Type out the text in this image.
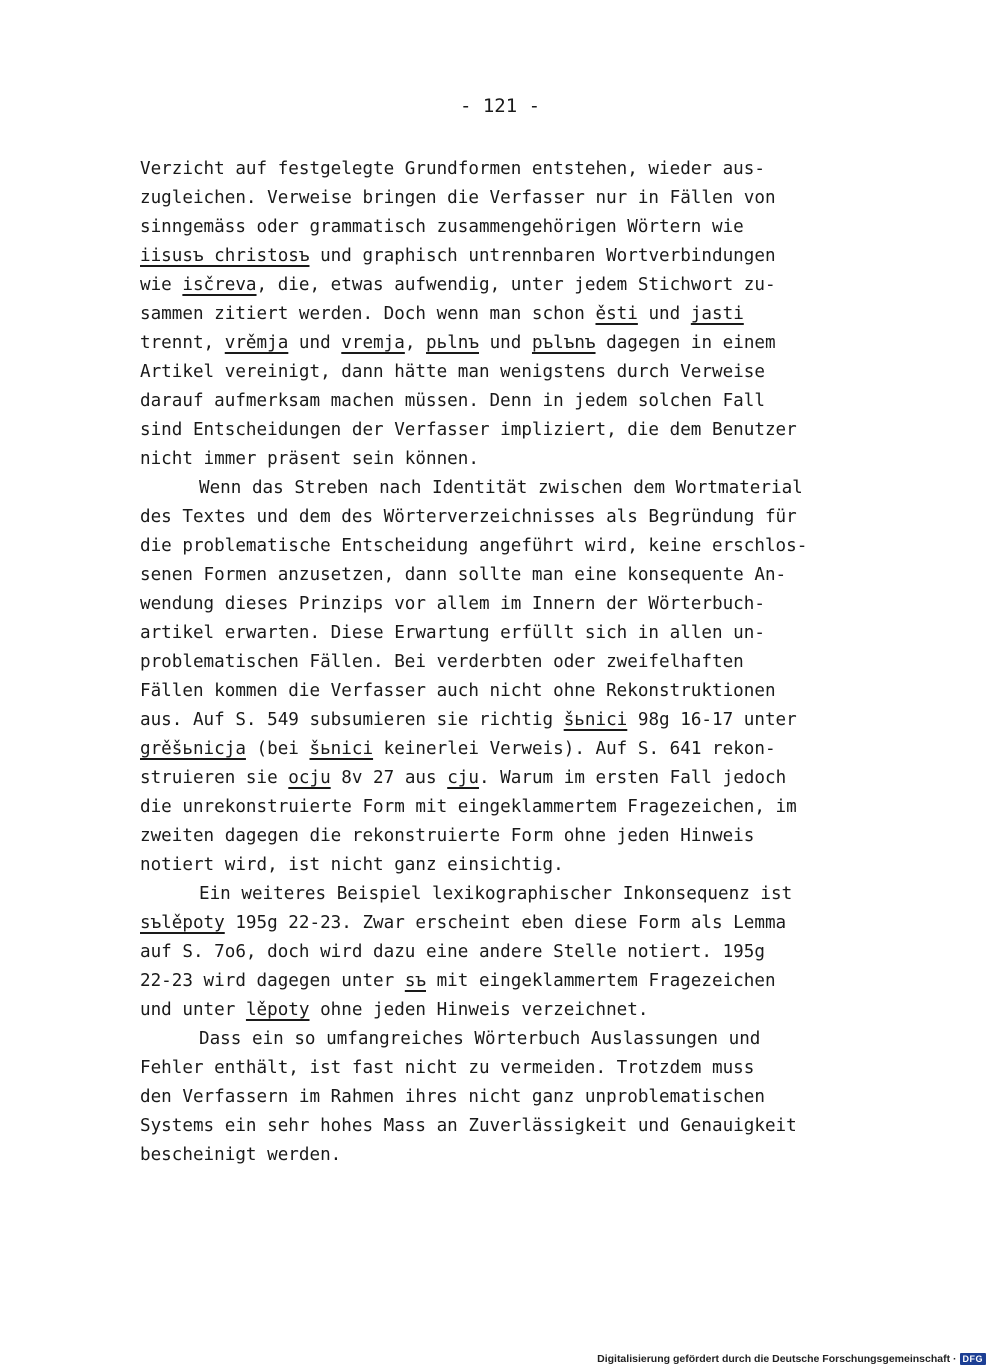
- 121 -
Verzicht auf festgelegte Grundformen entstehen, wieder aus-
zugleichen. Verweise bringen die Verfasser nur in Fällen von
sinngemäss oder grammatisch zusammengehörigen Wörtern wie
iisusъ christosъ und graphisch untrennbaren Wortverbindungen
wie isčreva, die, etwas aufwendig, unter jedem Stichwort zu-
sammen zitiert werden. Doch wenn man schon ěsti und jasti
trennt, vrěmja und vremja, pьlnъ und pъlъnъ dagegen in einem
Artikel vereinigt, dann hätte man wenigstens durch Verweise
darauf aufmerksam machen müssen. Denn in jedem solchen Fall
sind Entscheidungen der Verfasser impliziert, die dem Benutzer
nicht immer präsent sein können.
Wenn das Streben nach Identität zwischen dem Wortmaterial
des Textes und dem des Wörterverzeichnisses als Begründung für
die problematische Entscheidung angeführt wird, keine erschlos-
senen Formen anzusetzen, dann sollte man eine konsequente An-
wendung dieses Prinzips vor allem im Innern der Wörterbuch-
artikel erwarten. Diese Erwartung erfüllt sich in allen un-
problematischen Fällen. Bei verderbten oder zweifelhaften
Fällen kommen die Verfasser auch nicht ohne Rekonstruktionen
aus. Auf S. 549 subsumieren sie richtig šьnici 98g 16-17 unter
grěšьnicja (bei šьnici keinerlei Verweis). Auf S. 641 rekon-
struieren sie ocju 8v 27 aus cju. Warum im ersten Fall jedoch
die unrekonstruierte Form mit eingeklammertem Fragezeichen, im
zweiten dagegen die rekonstruierte Form ohne jeden Hinweis
notiert wird, ist nicht ganz einsichtig.
Ein weiteres Beispiel lexikographischer Inkonsequenz ist
sъlěpoty 195g 22-23. Zwar erscheint eben diese Form als Lemma
auf S. 7o6, doch wird dazu eine andere Stelle notiert. 195g
22-23 wird dagegen unter sъ mit eingeklammertem Fragezeichen
und unter lěpoty ohne jeden Hinweis verzeichnet.
Dass ein so umfangreiches Wörterbuch Auslassungen und
Fehler enthält, ist fast nicht zu vermeiden. Trotzdem muss
den Verfassern im Rahmen ihres nicht ganz unproblematischen
Systems ein sehr hohes Mass an Zuverlässigkeit und Genauigkeit
bescheinigt werden.
Digitalisierung gefördert durch die Deutsche Forschungsgemeinschaft · DFG
